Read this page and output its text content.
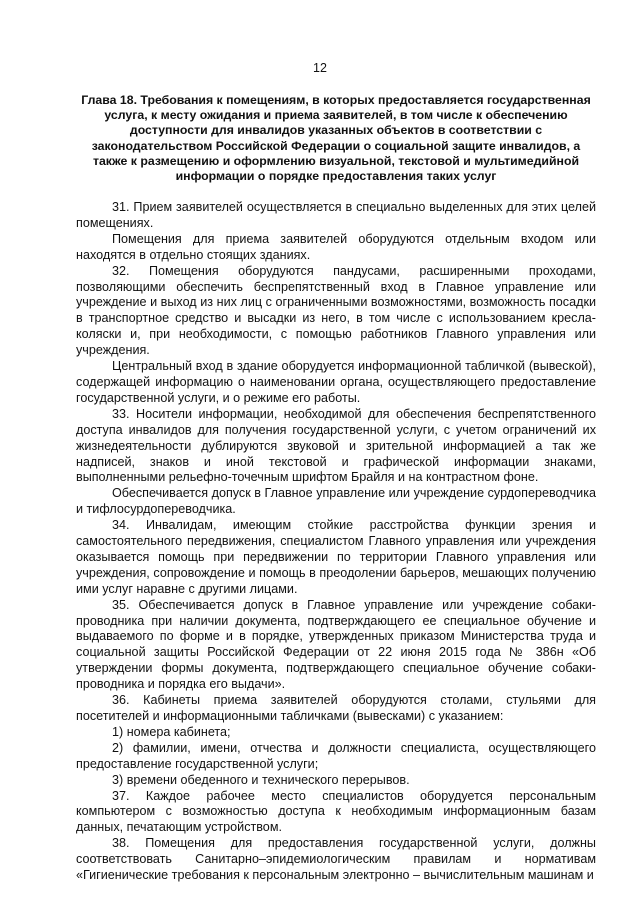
12
Глава 18. Требования к помещениям, в которых предоставляется государственная услуга, к месту ожидания и приема заявителей, в том числе к обеспечению доступности для инвалидов указанных объектов в соответствии с законодательством Российской Федерации о социальной защите инвалидов, а также к размещению и оформлению визуальной, текстовой и мультимедийной информации о порядке предоставления таких услуг

31. Прием заявителей осуществляется в специально выделенных для этих целей помещениях.

Помещения для приема заявителей оборудуются отдельным входом или находятся в отдельно стоящих зданиях.

32. Помещения оборудуются пандусами, расширенными проходами, позволяющими обеспечить беспрепятственный вход в Главное управление или учреждение и выход из них лиц с ограниченными возможностями, возможность посадки в транспортное средство и высадки из него, в том числе с использованием кресла-коляски и, при необходимости, с помощью работников Главного управления или учреждения.

Центральный вход в здание оборудуется информационной табличкой (вывеской), содержащей информацию о наименовании органа, осуществляющего предоставление государственной услуги, и о режиме его работы.

33. Носители информации, необходимой для обеспечения беспрепятственного доступа инвалидов для получения государственной услуги, с учетом ограничений их жизнедеятельности дублируются звуковой и зрительной информацией а так же надписей, знаков и иной текстовой и графической информации знаками, выполненными рельефно-точечным шрифтом Брайля и на контрастном фоне.

Обеспечивается допуск в Главное управление или учреждение сурдопереводчика и тифлосурдопереводчика.

34. Инвалидам, имеющим стойкие расстройства функции зрения и самостоятельного передвижения, специалистом Главного управления или учреждения оказывается помощь при передвижении по территории Главного управления или учреждения, сопровождение и помощь в преодолении барьеров, мешающих получению ими услуг наравне с другими лицами.

35. Обеспечивается допуск в Главное управление или учреждение собаки-проводника при наличии документа, подтверждающего ее специальное обучение и выдаваемого по форме и в порядке, утвержденных приказом Министерства труда и социальной защиты Российской Федерации от 22 июня 2015 года № 386н «Об утверждении формы документа, подтверждающего специальное обучение собаки-проводника и порядка его выдачи».

36. Кабинеты приема заявителей оборудуются столами, стульями для посетителей и информационными табличками (вывесками) с указанием:

1) номера кабинета;

2) фамилии, имени, отчества и должности специалиста, осуществляющего предоставление государственной услуги;

3) времени обеденного и технического перерывов.

37. Каждое рабочее место специалистов оборудуется персональным компьютером с возможностью доступа к необходимым информационным базам данных, печатающим устройством.

38. Помещения для предоставления государственной услуги, должны соответствовать Санитарно–эпидемиологическим правилам и нормативам «Гигиенические требования к персональным электронно – вычислительным машинам и
